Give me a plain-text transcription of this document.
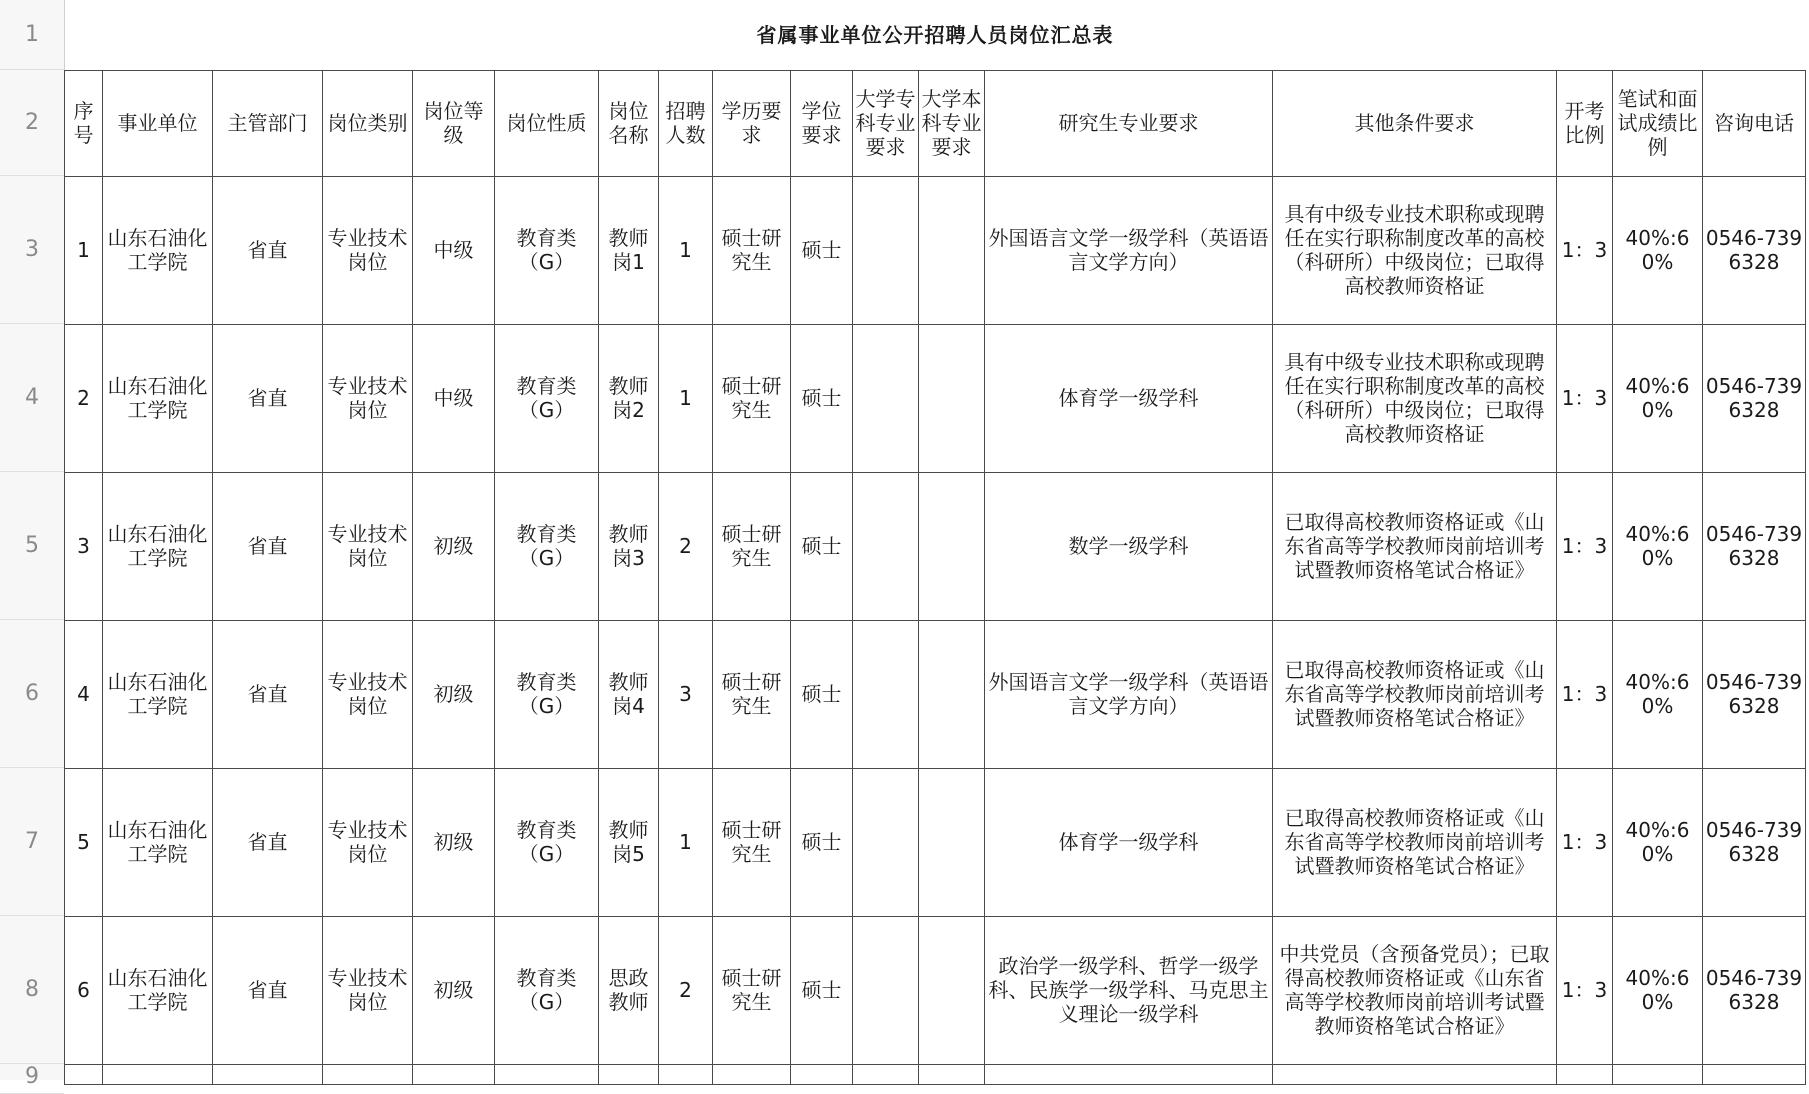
1
2
3
4
5
6
7
8
9
省属事业单位公开招聘人员岗位汇总表																
序号	事业单位	主管部门	岗位类别	岗位等级	岗位性质	岗位名称	招聘人数	学历要求	学位要求	大学专科专业要求	大学本科专业要求	研究生专业要求	其他条件要求	开考比例	笔试和面试成绩比例	咨询电话
1	山东石油化工学院	省直	专业技术岗位	中级	教育类（G）	教师岗1	1	硕士研究生	硕士			外国语言文学一级学科（英语语言文学方向）	具有中级专业技术职称或现聘任在实行职称制度改革的高校（科研所）中级岗位；已取得高校教师资格证	1：3	40%:60%	0546-7396328
2	山东石油化工学院	省直	专业技术岗位	中级	教育类（G）	教师岗2	1	硕士研究生	硕士			体育学一级学科	具有中级专业技术职称或现聘任在实行职称制度改革的高校（科研所）中级岗位；已取得高校教师资格证	1：3	40%:60%	0546-7396328
3	山东石油化工学院	省直	专业技术岗位	初级	教育类（G）	教师岗3	2	硕士研究生	硕士			数学一级学科	已取得高校教师资格证或《山东省高等学校教师岗前培训考试暨教师资格笔试合格证》	1：3	40%:60%	0546-7396328
4	山东石油化工学院	省直	专业技术岗位	初级	教育类（G）	教师岗4	3	硕士研究生	硕士			外国语言文学一级学科（英语语言文学方向）	已取得高校教师资格证或《山东省高等学校教师岗前培训考试暨教师资格笔试合格证》	1：3	40%:60%	0546-7396328
5	山东石油化工学院	省直	专业技术岗位	初级	教育类（G）	教师岗5	1	硕士研究生	硕士			体育学一级学科	已取得高校教师资格证或《山东省高等学校教师岗前培训考试暨教师资格笔试合格证》	1：3	40%:60%	0546-7396328
6	山东石油化工学院	省直	专业技术岗位	初级	教育类（G）	思政教师	2	硕士研究生	硕士			政治学一级学科、哲学一级学科、民族学一级学科、马克思主义理论一级学科	中共党员（含预备党员）；已取得高校教师资格证或《山东省高等学校教师岗前培训考试暨教师资格笔试合格证》	1：3	40%:60%	0546-7396328
